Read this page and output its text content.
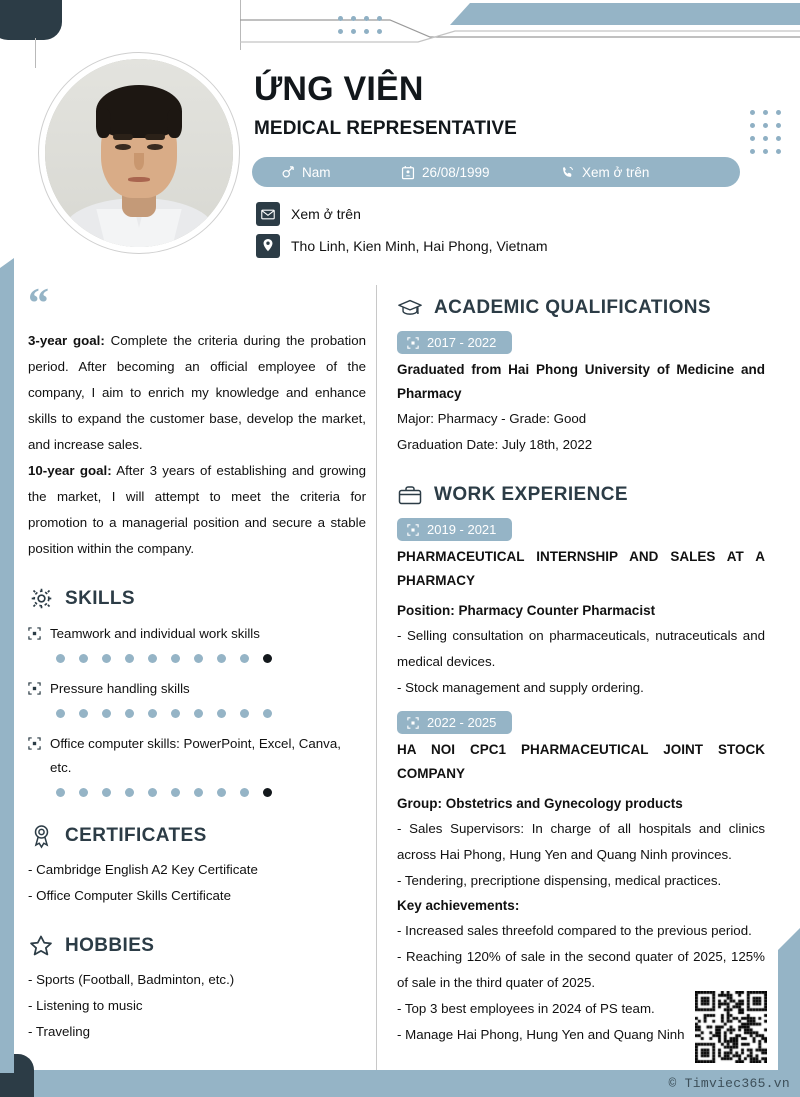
ỨNG VIÊN
MEDICAL REPRESENTATIVE
Nam	26/08/1999	Xem ở trên
Xem ở trên
Tho Linh, Kien Minh, Hai Phong, Vietnam
“

3-year goal: Complete the criteria during the probation period. After becoming an official employee of the company, I aim to enrich my knowledge and enhance skills to expand the customer base, develop the market, and increase sales.

10-year goal: After 3 years of establishing and growing the market, I will attempt to meet the criteria for promotion to a managerial position and secure a stable position within the company.

SKILLS
Teamwork and individual work skills
Pressure handling skills
Office computer skills: PowerPoint, Excel, Canva, etc.
CERTIFICATES
- Cambridge English A2 Key Certificate
- Office Computer Skills Certificate
HOBBIES
- Sports (Football, Badminton, etc.)
- Listening to music
- Traveling
ACADEMIC QUALIFICATIONS
2017 - 2022
Graduated from Hai Phong University of Medicine and Pharmacy
Major: Pharmacy - Grade: Good
Graduation Date: July 18th, 2022
WORK EXPERIENCE
2019 - 2021
PHARMACEUTICAL INTERNSHIP AND SALES AT A PHARMACY
Position: Pharmacy Counter Pharmacist
- Selling consultation on pharmaceuticals, nutraceuticals and medical devices.
- Stock management and supply ordering.
2022 - 2025
HA NOI CPC1 PHARMACEUTICAL JOINT STOCK COMPANY
Group: Obstetrics and Gynecology products
- Sales Supervisors: In charge of all hospitals and clinics across Hai Phong, Hung Yen and Quang Ninh provinces.
- Tendering, precriptione dispensing, medical practices.
Key achievements:
- Increased sales threefold compared to the previous period.
- Reaching 120% of sale in the second quater of 2025, 125% of sale in the third quater of 2025.
- Top 3 best employees in 2024 of PS team.
- Manage Hai Phong, Hung Yen and Quang Ninh
© Timviec365.vn
